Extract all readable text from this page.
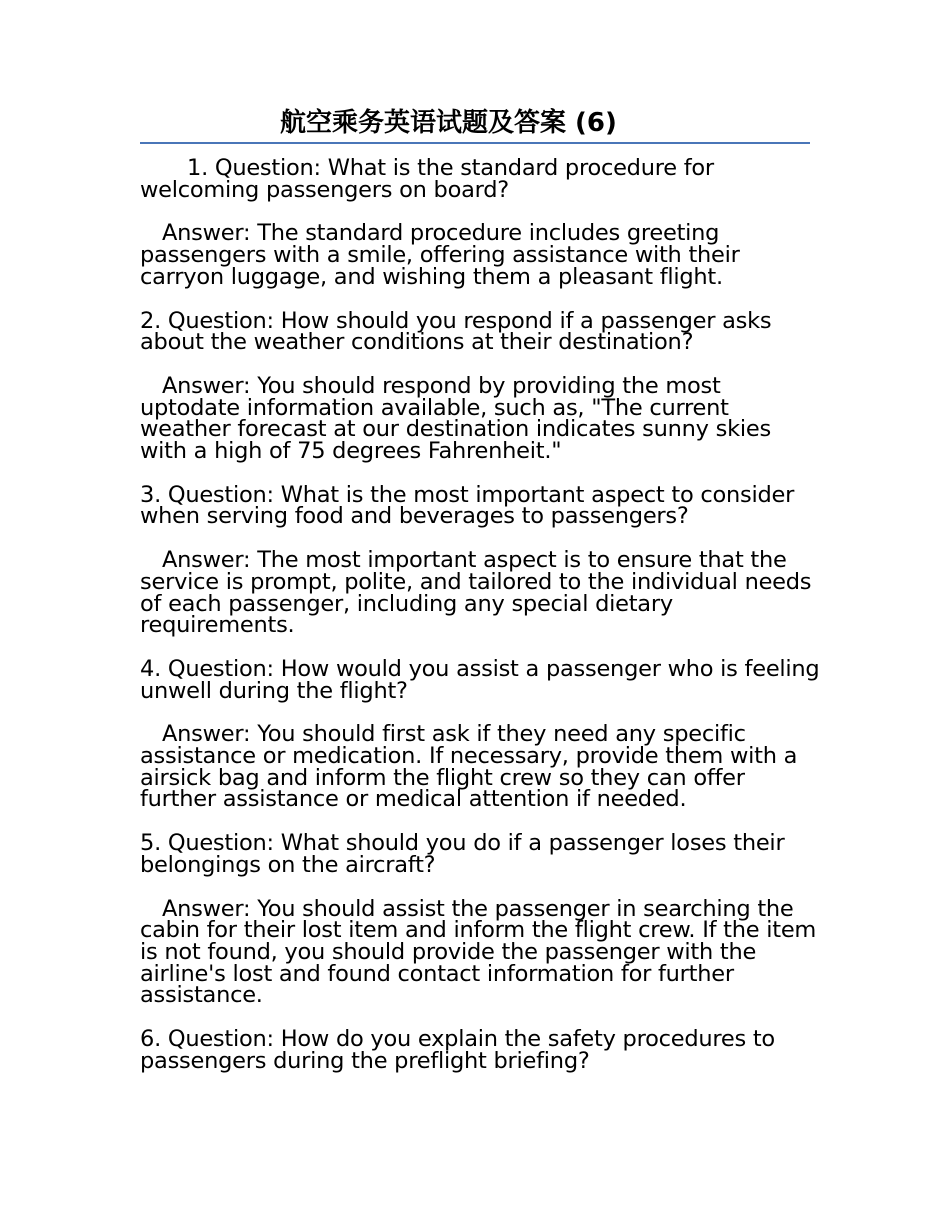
航空乘务英语试题及答案 (6)

1. Question: What is the standard procedure for welcoming passengers on board?

Answer: The standard procedure includes greeting passengers with a smile, offering assistance with their carryon luggage, and wishing them a pleasant flight.

2. Question: How should you respond if a passenger asks about the weather conditions at their destination?

Answer: You should respond by providing the most uptodate information available, such as, "The current weather forecast at our destination indicates sunny skies with a high of 75 degrees Fahrenheit."

3. Question: What is the most important aspect to consider when serving food and beverages to passengers?

Answer: The most important aspect is to ensure that the service is prompt, polite, and tailored to the individual needs of each passenger, including any special dietary requirements.

4. Question: How would you assist a passenger who is feeling unwell during the flight?

Answer: You should first ask if they need any specific assistance or medication. If necessary, provide them with a airsick bag and inform the flight crew so they can offer further assistance or medical attention if needed.

5. Question: What should you do if a passenger loses their belongings on the aircraft?

Answer: You should assist the passenger in searching the cabin for their lost item and inform the flight crew. If the item is not found, you should provide the passenger with the airline's lost and found contact information for further assistance.

6. Question: How do you explain the safety procedures to passengers during the preflight briefing?
